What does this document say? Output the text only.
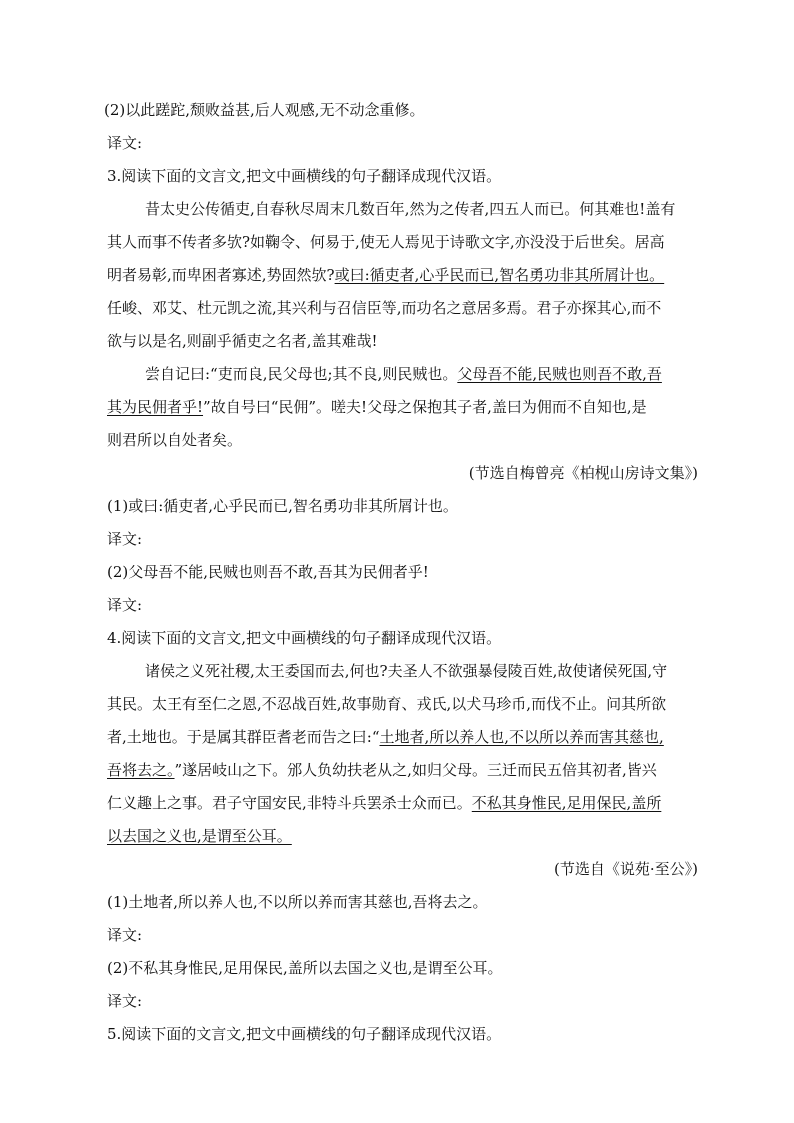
(2)以此蹉跎,颓败益甚,后人观感,无不动念重修。
译文:
3.阅读下面的文言文,把文中画横线的句子翻译成现代汉语。
昔太史公传循吏,自春秋尽周末几数百年,然为之传者,四五人而已。何其难也!盖有
其人而事不传者多欤?如鞠令、何易于,使无人焉见于诗歌文字,亦没没于后世矣。居高
明者易彰,而卑困者寡述,势固然欤?或曰:循吏者,心乎民而已,智名勇功非其所屑计也。
任峻、邓艾、杜元凯之流,其兴利与召信臣等,而功名之意居多焉。君子亦探其心,而不
欲与以是名,则副乎循吏之名者,盖其难哉!
尝自记曰:“吏而良,民父母也;其不良,则民贼也。父母吾不能,民贼也则吾不敢,吾
其为民佣者乎!”故自号曰“民佣”。嗟夫!父母之保抱其子者,盖曰为佣而不自知也,是
则君所以自处者矣。
(节选自梅曾亮《柏枧山房诗文集》)
(1)或曰:循吏者,心乎民而已,智名勇功非其所屑计也。
译文:
(2)父母吾不能,民贼也则吾不敢,吾其为民佣者乎!
译文:
4.阅读下面的文言文,把文中画横线的句子翻译成现代汉语。
诸侯之义死社稷,太王委国而去,何也?夫圣人不欲强暴侵陵百姓,故使诸侯死国,守
其民。太王有至仁之恩,不忍战百姓,故事勋育、戎氏,以犬马珍币,而伐不止。问其所欲
者,土地也。于是属其群臣耆老而告之曰:“土地者,所以养人也,不以所以养而害其慈也,
吾将去之。”遂居岐山之下。邠人负幼扶老从之,如归父母。三迁而民五倍其初者,皆兴
仁义趣上之事。君子守国安民,非特斗兵罢杀士众而已。不私其身惟民,足用保民,盖所
以去国之义也,是谓至公耳。
(节选自《说苑·至公》)
(1)土地者,所以养人也,不以所以养而害其慈也,吾将去之。
译文:
(2)不私其身惟民,足用保民,盖所以去国之义也,是谓至公耳。
译文:
5.阅读下面的文言文,把文中画横线的句子翻译成现代汉语。
